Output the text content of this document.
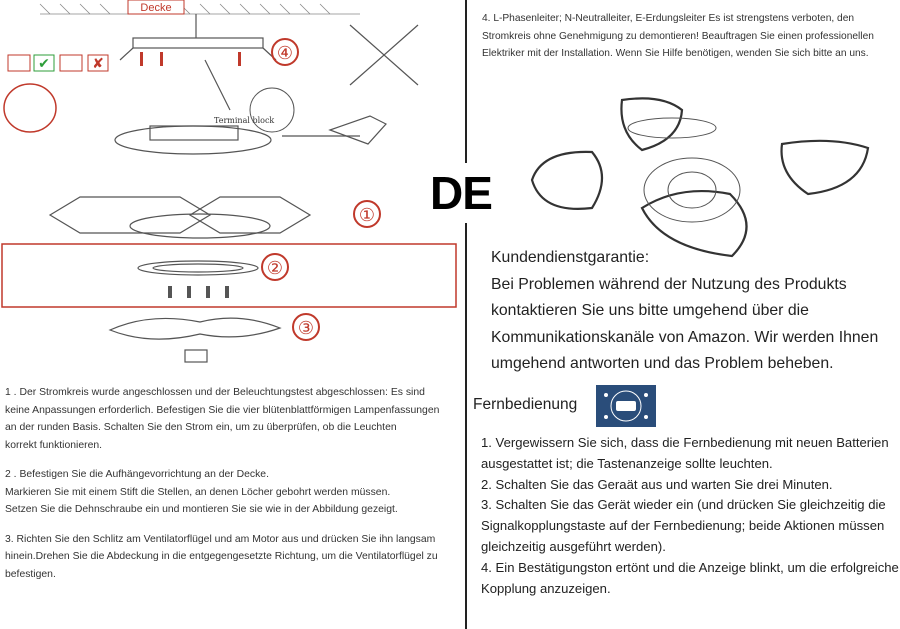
Decke
④
✔	✘
Terminal block
①
②
③

1 . Der Stromkreis wurde angeschlossen und der Beleuchtungstest abgeschlossen: Es sind
keine Anpassungen erforderlich. Befestigen Sie die vier blütenblattförmigen Lampenfassungen
an der runden Basis. Schalten Sie den Strom ein, um zu überprüfen, ob die Leuchten
korrekt funktionieren.

2 . Befestigen Sie die Aufhängevorrichtung an der Decke.
Markieren Sie mit einem Stift die Stellen, an denen Löcher gebohrt werden müssen.
Setzen Sie die Dehnschraube ein und montieren Sie sie wie in der Abbildung gezeigt.

3. Richten Sie den Schlitz am Ventilatorflügel und am Motor aus und drücken Sie ihn langsam
hinein.Drehen Sie die Abdeckung in die entgegengesetzte Richtung, um die Ventilatorflügel zu
befestigen.

4. L-Phasenleiter; N-Neutralleiter, E-Erdungsleiter Es ist strengstens verboten, den Stromkreis ohne Genehmigung zu demontieren! Beauftragen Sie einen professionellen Elektriker mit der Installation. Wenn Sie Hilfe benötigen, wenden Sie sich bitte an uns.
DE
Kundendienstgarantie:
Bei Problemen während der Nutzung des Produkts kontaktieren Sie uns bitte umgehend über die Kommunikationskanäle von Amazon. Wir werden Ihnen umgehend antworten und das Problem beheben.
Fernbedienung

1. Vergewissern Sie sich, dass die Fernbedienung mit neuen Batterien ausgestattet ist; die Tastenanzeige sollte leuchten.

2. Schalten Sie das Geraät aus und warten Sie drei Minuten.

3. Schalten Sie das Gerät wieder ein (und drücken Sie gleichzeitig die Signalkopplungstaste auf der Fernbedienung; beide Aktionen müssen gleichzeitig ausgeführt werden).

4. Ein Bestätigungston ertönt und die Anzeige blinkt, um die erfolgreiche Kopplung anzuzeigen.
